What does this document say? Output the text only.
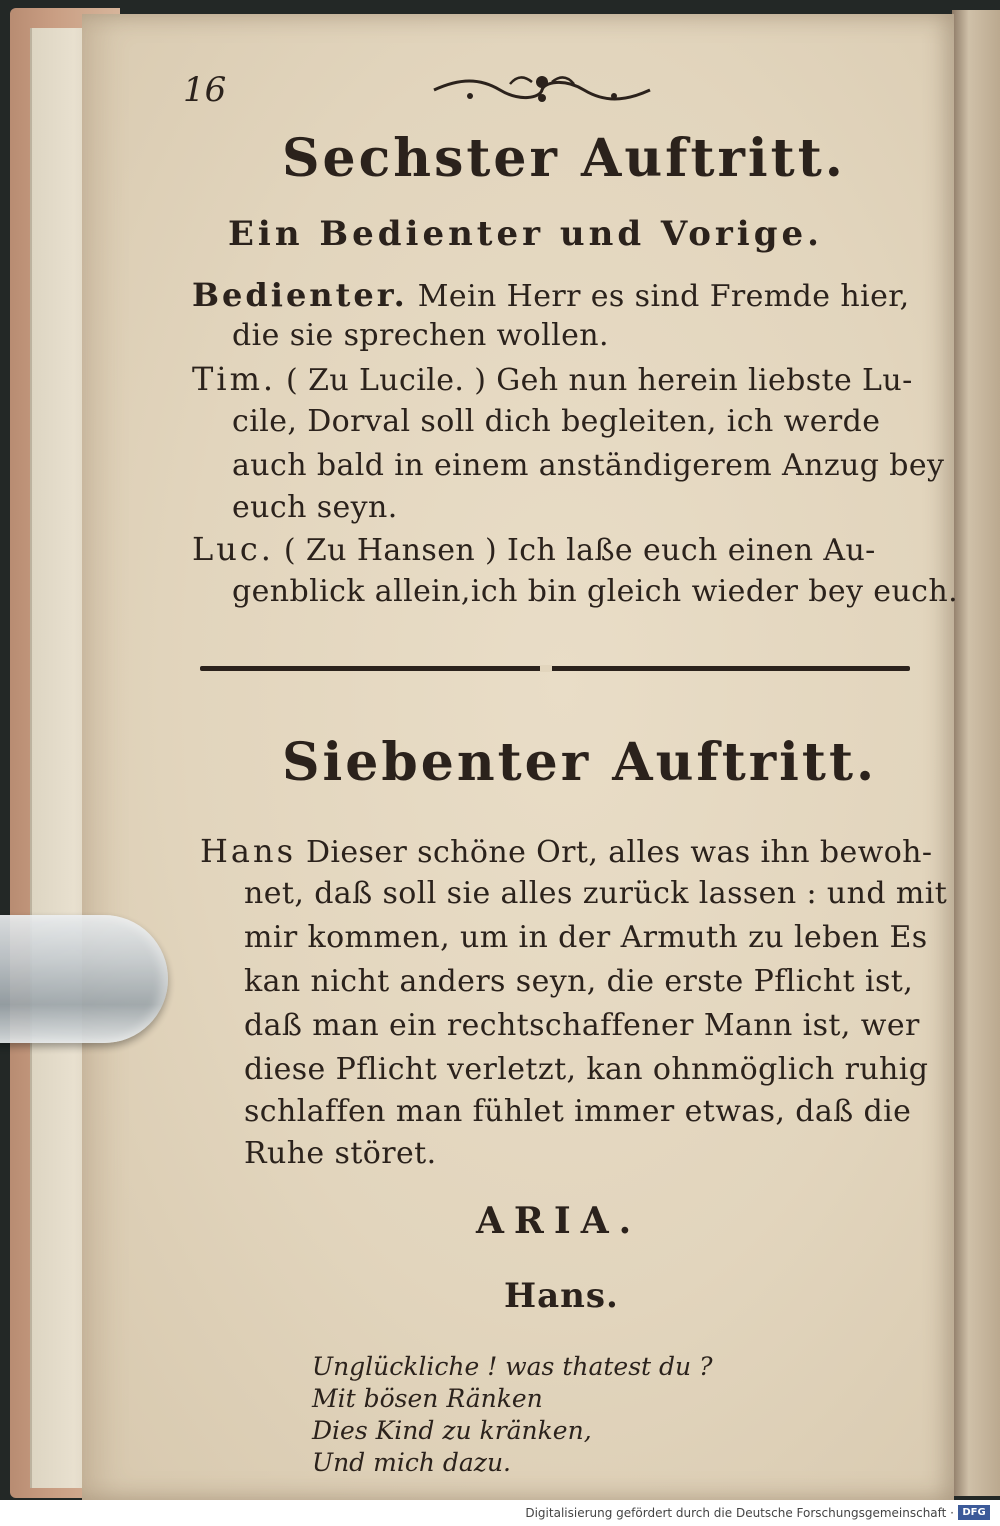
16
Sechster Auftritt.
Ein Bedienter und Vorige.
Bedienter. Mein Herr es sind Fremde hier,
die sie sprechen wollen.
Tim. ( Zu Lucile. ) Geh nun herein liebste Lu-
cile, Dorval soll dich begleiten, ich werde
auch bald in einem anständigerem Anzug bey
euch seyn.
Luc. ( Zu Hansen ) Ich laße euch einen Au-
genblick allein,ich bin gleich wieder bey euch.
Siebenter Auftritt.
Hans Dieser schöne Ort, alles was ihn bewoh-
net, daß soll sie alles zurück lassen : und mit
mir kommen, um in der Armuth zu leben Es
kan nicht anders seyn, die erste Pflicht ist,
daß man ein rechtschaffener Mann ist, wer
diese Pflicht verletzt, kan ohnmöglich ruhig
schlaffen man fühlet immer etwas, daß die
Ruhe störet.
ARIA.
Hans.
Unglückliche ! was thatest du ?
Mit bösen Ränken
Dies Kind zu kränken,
Und mich dazu.
Digitalisierung gefördert durch die Deutsche Forschungsgemeinschaft · DFG
